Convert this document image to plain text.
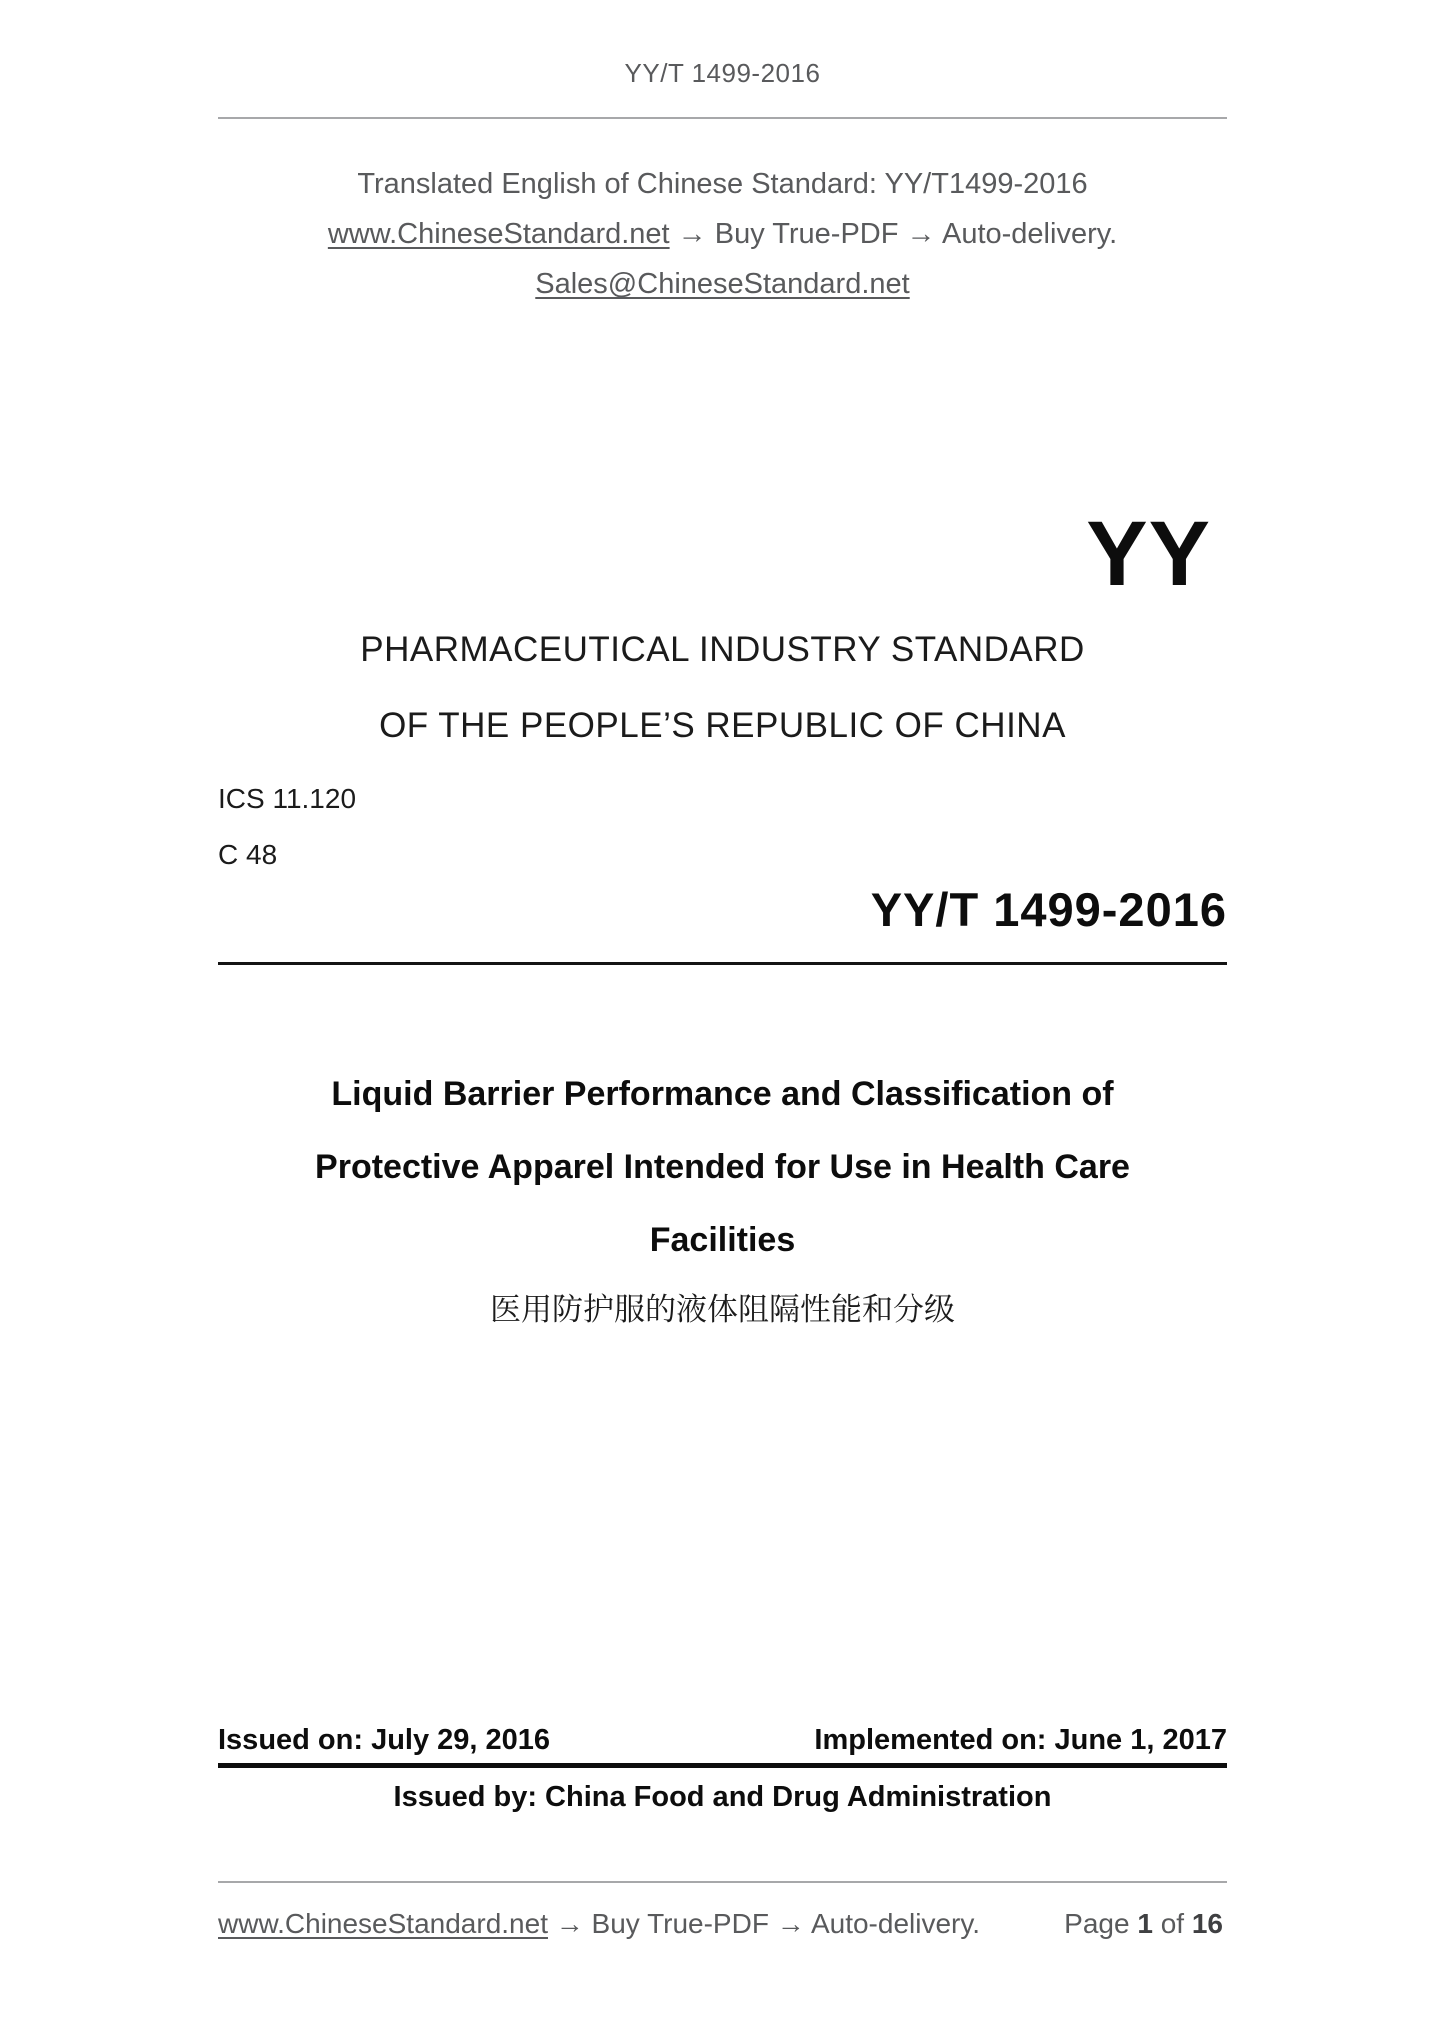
YY/T 1499-2016
Translated English of Chinese Standard: YY/T1499-2016
www.ChineseStandard.net → Buy True-PDF → Auto-delivery.
Sales@ChineseStandard.net
YY
PHARMACEUTICAL INDUSTRY STANDARD
OF THE PEOPLE’S REPUBLIC OF CHINA
ICS 11.120
C 48
YY/T 1499-2016
Liquid Barrier Performance and Classification of
Protective Apparel Intended for Use in Health Care
Facilities
医用防护服的液体阻隔性能和分级
Issued on: July 29, 2016	Implemented on: June 1, 2017
Issued by: China Food and Drug Administration
www.ChineseStandard.net → Buy True-PDF → Auto-delivery.	Page 1 of 16
